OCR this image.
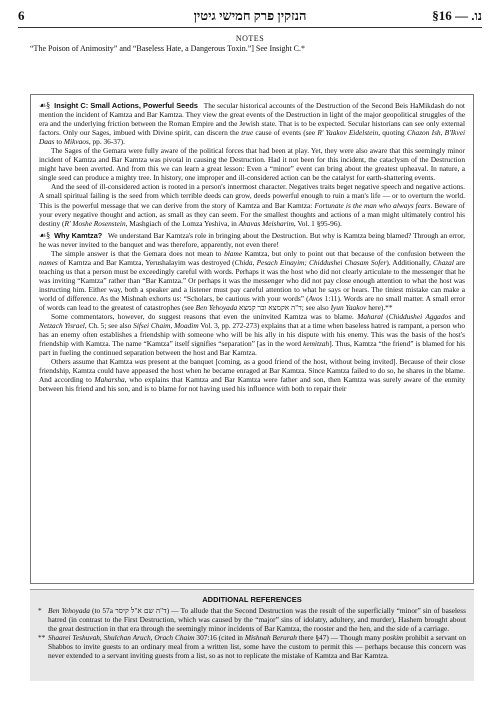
6	הנזקין פרק חמישי גיטין	§16 — .נו
NOTES
“The Poison of Animosity” and “Baseless Hate, a Dangerous Toxin.”] See Insight C.*

☙§ Insight C: Small Actions, Powerful Seeds The secular historical accounts of the Destruction of the Second Beis HaMikdash do not mention the incident of Kamtza and Bar Kamtza. They view the great events of the Destruction in light of the major geopolitical struggles of the era and the underlying friction between the Roman Empire and the Jewish state. That is to be expected. Secular historians can see only external factors. Only our Sages, imbued with Divine spirit, can discern the true cause of events (see R' Yaakov Eidelstein, quoting Chazon Ish, B'Ikvei Daas to Mikvaos, pp. 36-37).

The Sages of the Gemara were fully aware of the political forces that had been at play. Yet, they were also aware that this seemingly minor incident of Kamtza and Bar Kamtza was pivotal in causing the Destruction. Had it not been for this incident, the cataclysm of the Destruction might have been averted. And from this we can learn a great lesson: Even a “minor” event can bring about the greatest upheaval. In nature, a single seed can produce a mighty tree. In history, one improper and ill-considered action can be the catalyst for earth-shattering events.

And the seed of ill-considered action is rooted in a person's innermost character. Negatives traits beget negative speech and negative actions. A small spiritual failing is the seed from which terrible deeds can grow, deeds powerful enough to ruin a man's life — or to overturn the world. This is the powerful message that we can derive from the story of Kamtza and Bar Kamtza: Fortunate is the man who always fears. Beware of your every negative thought and action, as small as they can seem. For the smallest thoughts and actions of a man might ultimately control his destiny (R' Moshe Rosenstein, Mashgiach of the Lomza Yeshiva, in Ahavas Meisharim, Vol. 1 §95-96).

☙§ Why Kamtza? We understand Bar Kamtza's role in bringing about the Destruction. But why is Kamtza being blamed? Through an error, he was never invited to the banquet and was therefore, apparently, not even there!

The simple answer is that the Gemara does not mean to blame Kamtza, but only to point out that because of the confusion between the names of Kamtza and Bar Kamtza, Yerushalayim was destroyed (Chida, Pesach Einayim; Chiddushei Chasam Sofer). Additionally, Chazal are teaching us that a person must be exceedingly careful with words. Perhaps it was the host who did not clearly articulate to the messenger that he was inviting “Kamtza” rather than “Bar Kamtza.” Or perhaps it was the messenger who did not pay close enough attention to what the host was instructing him. Either way, both a speaker and a listener must pay careful attention to what he says or hears. The tiniest mistake can make a world of difference. As the Mishnah exhorts us: “Scholars, be cautious with your words” (Avos 1:11). Words are no small matter. A small error of words can lead to the greatest of catastrophes (see Ben Yehoyada ד"ה אקמצא ובר קמצא; see also Iyun Yaakov here).**

Some commentators, however, do suggest reasons that even the uninvited Kamtza was to blame. Maharal (Chiddushei Aggados and Netzach Yisrael, Ch. 5; see also Sifsei Chaim, Moadim Vol. 3, pp. 272-273) explains that at a time when baseless hatred is rampant, a person who has an enemy often establishes a friendship with someone who will be his ally in his dispute with his enemy. This was the basis of the host's friendship with Kamtza. The name “Kamtza” itself signifies “separation” [as in the word kemitzah]. Thus, Kamtza “the friend” is blamed for his part in fueling the continued separation between the host and Bar Kamtza.

Others assume that Kamtza was present at the banquet [coming, as a good friend of the host, without being invited]. Because of their close friendship, Kamtza could have appeased the host when he became enraged at Bar Kamtza. Since Kamtza failed to do so, he shares in the blame. And according to Maharsha, who explains that Kamtza and Bar Kamtza were father and son, then Kamtza was surely aware of the enmity between his friend and his son, and is to blame for not having used his influence with both to repair their

ADDITIONAL REFERENCES
* Ben Yehoyada (to 57a ד"ה שם א"ל קיסר) — To allude that the Second Destruction was the result of the superficially “minor” sin of baseless hatred (in contrast to the First Destruction, which was caused by the “major” sins of idolatry, adultery, and murder), Hashem brought about the great destruction in that era through the seemingly minor incidents of Bar Kamtza, the rooster and the hen, and the side of a carriage.
** Shaarei Teshuvah, Shulchan Aruch, Orach Chaim 307:16 (cited in Mishnah Berurah there §47) — Though many poskim prohibit a servant on Shabbos to invite guests to an ordinary meal from a written list, some have the custom to permit this — perhaps because this concern was never extended to a servant inviting guests from a list, so as not to replicate the mistake of Kamtza and Bar Kamtza.
